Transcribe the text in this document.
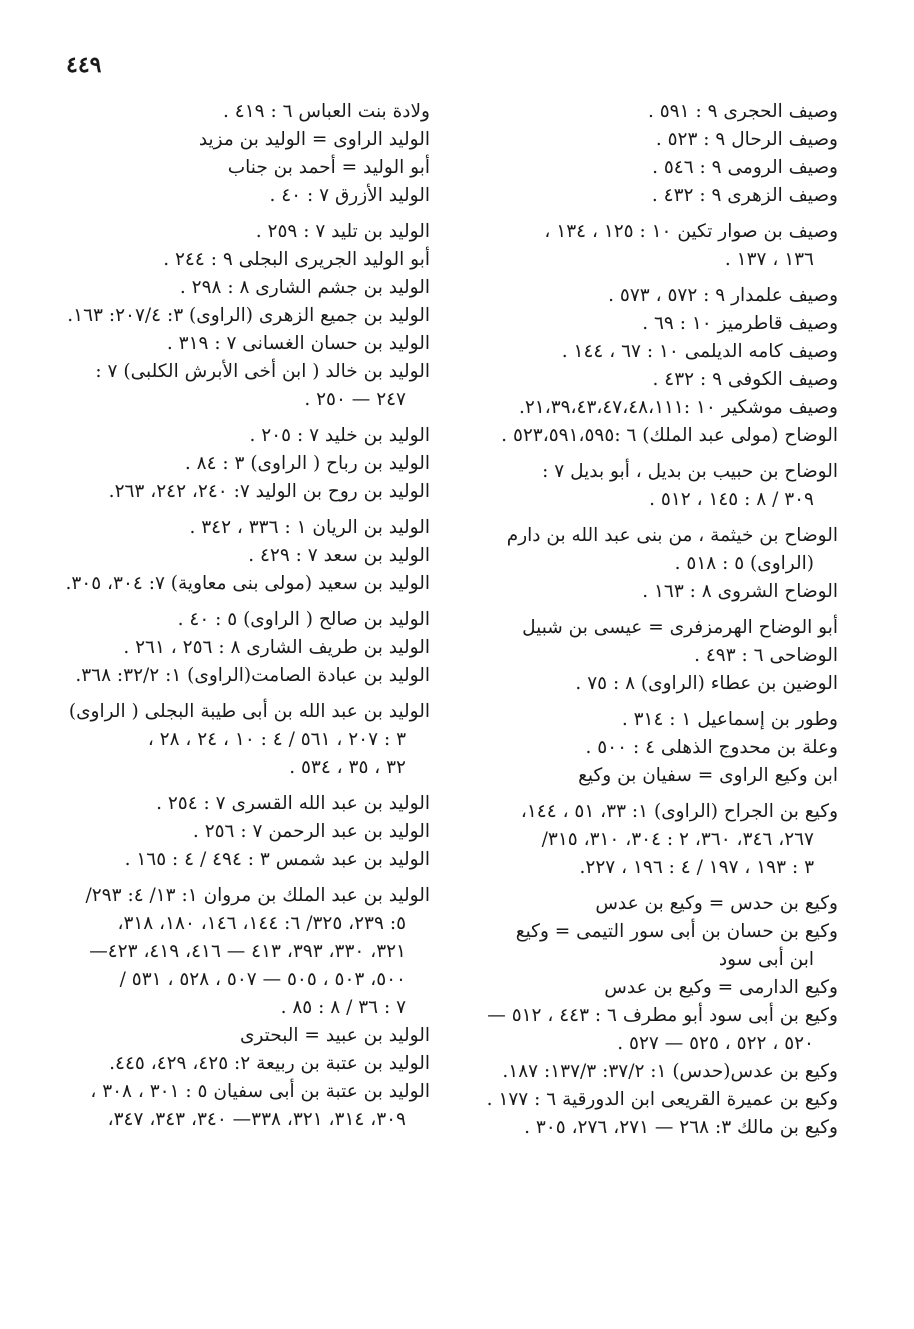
٤٤٩
وصيف الحجرى ٩ : ٥٩١ .
وصيف الرحال ٩ : ٥٢٣ .
وصيف الرومى ٩ : ٥٤٦ .
وصيف الزهرى ٩ : ٤٣٢ .
وصيف بن صوار تكين ١٠ : ١٢٥ ، ١٣٤ ،
١٣٦ ، ١٣٧ .
وصيف علمدار ٩ : ٥٧٢ ، ٥٧٣ .
وصيف قاطرميز ١٠ : ٦٩ .
وصيف كامه الديلمى ١٠ : ٦٧ ، ١٤٤ .
وصيف الكوفى ٩ : ٤٣٢ .
وصيف موشكير ١٠ :٢١،٣٩،٤٣،٤٧،٤٨،١١١.
الوضاح (مولى عبد الملك) ٦ :٥٢٣،٥٩١،٥٩٥ .
الوضاح بن حبيب بن بديل ، أبو بديل ٧ :
٣٠٩ / ٨ : ١٤٥ ، ٥١٢ .
الوضاح بن خيثمة ، من بنى عبد الله بن دارم
(الراوى) ٥ : ٥١٨ .
الوضاح الشروى ٨ : ١٦٣ .
أبو الوضاح الهرمزفرى = عيسى بن شبيل
الوضاحى ٦ : ٤٩٣ .
الوضين بن عطاء (الراوى) ٨ : ٧٥ .
وطور بن إسماعيل ١ : ٣١٤ .
وعلة بن محدوج الذهلى ٤ : ٥٠٠ .
ابن وكيع الراوى = سفيان بن وكيع
وكيع بن الجراح (الراوى) ١: ٣٣، ٥١ ، ١٤٤،
٢٦٧، ٣٤٦، ٣٦٠، ٢ : ٣٠٤، ٣١٠، ٣١٥/
٣ : ١٩٣ ، ١٩٧ / ٤ : ١٩٦ ، ٢٢٧.
وكيع بن حدس = وكيع بن عدس
وكيع بن حسان بن أبى سور التيمى = وكيع
ابن أبى سود
وكيع الدارمى = وكيع بن عدس
وكيع بن أبى سود أبو مطرف ٦ : ٤٤٣ ، ٥١٢ —
٥٢٠ ، ٥٢٢ ، ٥٢٥ — ٥٢٧ .
وكيع بن عدس(حدس) ١: ٣٧/٢: ١٣٧/٣: ١٨٧.
وكيع بن عميرة القريعى ابن الدورقية ٦ : ١٧٧ .
وكيع بن مالك ٣: ٢٦٨ — ٢٧١، ٢٧٦، ٣٠٥ .
ولادة بنت العباس ٦ : ٤١٩ .
الوليد الراوى = الوليد بن مزيد
أبو الوليد = أحمد بن جناب
الوليد الأزرق ٧ : ٤٠ .
الوليد بن تليد ٧ : ٢٥٩ .
أبو الوليد الجريرى البجلى ٩ : ٢٤٤ .
الوليد بن جشم الشارى ٨ : ٢٩٨ .
الوليد بن جميع الزهرى (الراوى) ٣: ٢٠٧/٤: ١٦٣.
الوليد بن حسان الغسانى ٧ : ٣١٩ .
الوليد بن خالد ( ابن أخى الأبرش الكلبى) ٧ :
٢٤٧ — ٢٥٠ .
الوليد بن خليد ٧ : ٢٠٥ .
الوليد بن رباح ( الراوى) ٣ : ٨٤ .
الوليد بن روح بن الوليد ٧: ٢٤٠، ٢٤٢، ٢٦٣.
الوليد بن الريان ١ : ٣٣٦ ، ٣٤٢ .
الوليد بن سعد ٧ : ٤٢٩ .
الوليد بن سعيد (مولى بنى معاوية) ٧: ٣٠٤، ٣٠٥.
الوليد بن صالح ( الراوى) ٥ : ٤٠ .
الوليد بن طريف الشارى ٨ : ٢٥٦ ، ٢٦١ .
الوليد بن عبادة الصامت(الراوى) ١: ٣٢/٢: ٣٦٨.
الوليد بن عبد الله بن أبى طيبة البجلى ( الراوى)
٣ : ٢٠٧ ، ٥٦١ / ٤ : ١٠ ، ٢٤ ، ٢٨ ،
٣٢ ، ٣٥ ، ٥٣٤ .
الوليد بن عبد الله القسرى ٧ : ٢٥٤ .
الوليد بن عبد الرحمن ٧ : ٢٥٦ .
الوليد بن عبد شمس ٣ : ٤٩٤ / ٤ : ١٦٥ .
الوليد بن عبد الملك بن مروان ١: ١٣/ ٤: ٢٩٣/
٥: ٢٣٩، ٣٢٥/ ٦: ١٤٤، ١٤٦، ١٨٠، ٣١٨،
٣٢١، ٣٣٠، ٣٩٣، ٤١٣ — ٤١٦، ٤١٩، ٤٢٣—
٥٠٠، ٥٠٣ ، ٥٠٥ — ٥٠٧ ، ٥٢٨ ، ٥٣١ /
٧ : ٣٦ / ٨ : ٨٥ .
الوليد بن عبيد = البحترى
الوليد بن عتبة بن ربيعة ٢: ٤٢٥، ٤٢٩، ٤٤٥.
الوليد بن عتبة بن أبى سفيان ٥ : ٣٠١ ، ٣٠٨ ،
٣٠٩، ٣١٤، ٣٢١، ٣٣٨— ٣٤٠، ٣٤٣، ٣٤٧،
